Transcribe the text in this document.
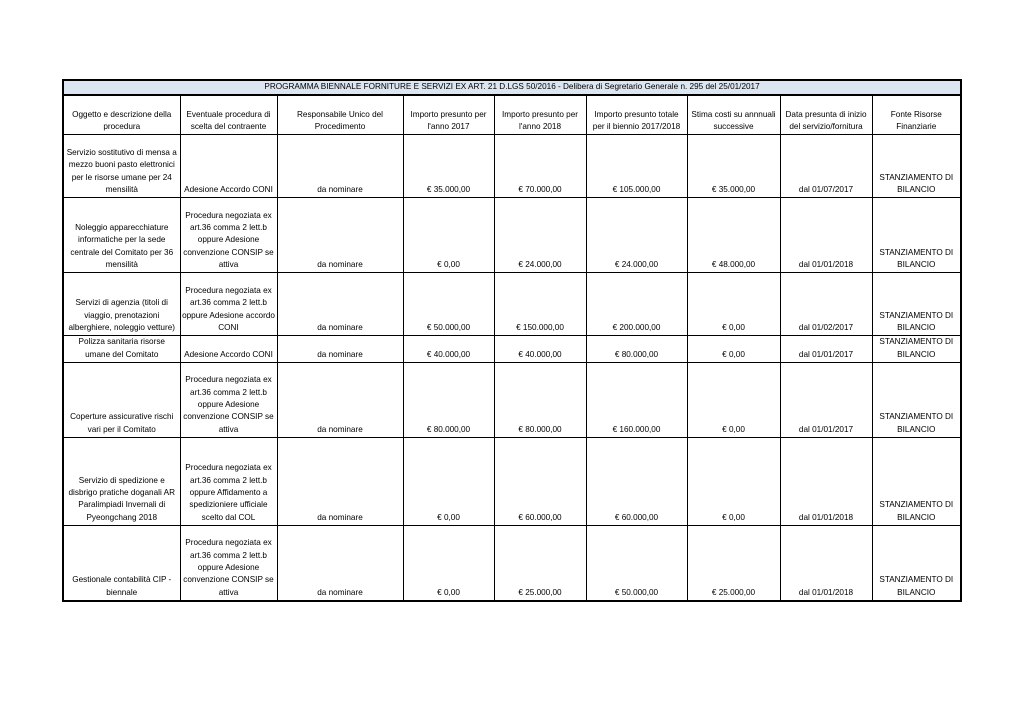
PROGRAMMA BIENNALE FORNITURE E SERVIZI EX ART. 21 D.LGS 50/2016 - Delibera di Segretario Generale n. 295 del 25/01/2017								

Oggetto e descrizione della procedura	Eventuale procedura di scelta del contraente	Responsabile Unico del Procedimento	Importo presunto per l'anno 2017	Importo presunto per l'anno 2018	Importo presunto totale per il biennio 2017/2018	Stima costi su annnuali successive	Data presunta di inizio del servizio/fornitura	Fonte Risorse Finanziarie
Servizio sostitutivo di mensa a mezzo buoni pasto elettronici per le risorse umane per 24 mensilità	Adesione Accordo CONI	da nominare	€ 35.000,00	€ 70.000,00	€ 105.000,00	€ 35.000,00	dal 01/07/2017	STANZIAMENTO DI BILANCIO
Noleggio apparecchiature informatiche per la sede centrale del Comitato per 36 mensilità	Procedura negoziata ex art.36 comma 2 lett.b oppure Adesione convenzione CONSIP se attiva	da nominare	€ 0,00	€ 24.000,00	€ 24.000,00	€ 48.000,00	dal 01/01/2018	STANZIAMENTO DI BILANCIO
Servizi di agenzia (titoli di viaggio, prenotazioni alberghiere, noleggio vetture)	Procedura negoziata ex art.36 comma 2 lett.b oppure Adesione accordo CONI	da nominare	€ 50.000,00	€ 150.000,00	€ 200.000,00	€ 0,00	dal 01/02/2017	STANZIAMENTO DI BILANCIO
Polizza sanitaria risorse umane del Comitato	Adesione Accordo CONI	da nominare	€ 40.000,00	€ 40.000,00	€ 80.000,00	€ 0,00	dal 01/01/2017	STANZIAMENTO DI BILANCIO
Coperture assicurative rischi vari per il Comitato	Procedura negoziata ex art.36 comma 2 lett.b oppure Adesione convenzione CONSIP se attiva	da nominare	€ 80.000,00	€ 80.000,00	€ 160.000,00	€ 0,00	dal 01/01/2017	STANZIAMENTO DI BILANCIO
Servizio di spedizione e disbrigo pratiche doganali AR Paralimpiadi Invernali di Pyeongchang 2018	Procedura negoziata ex art.36 comma 2 lett.b oppure Affidamento a spedizioniere ufficiale scelto dal COL	da nominare	€ 0,00	€ 60.000,00	€ 60.000,00	€ 0,00	dal 01/01/2018	STANZIAMENTO DI BILANCIO
Gestionale contabilità CIP - biennale	Procedura negoziata ex art.36 comma 2 lett.b oppure Adesione convenzione CONSIP se attiva	da nominare	€ 0,00	€ 25.000,00	€ 50.000,00	€ 25.000,00	dal 01/01/2018	STANZIAMENTO DI BILANCIO
